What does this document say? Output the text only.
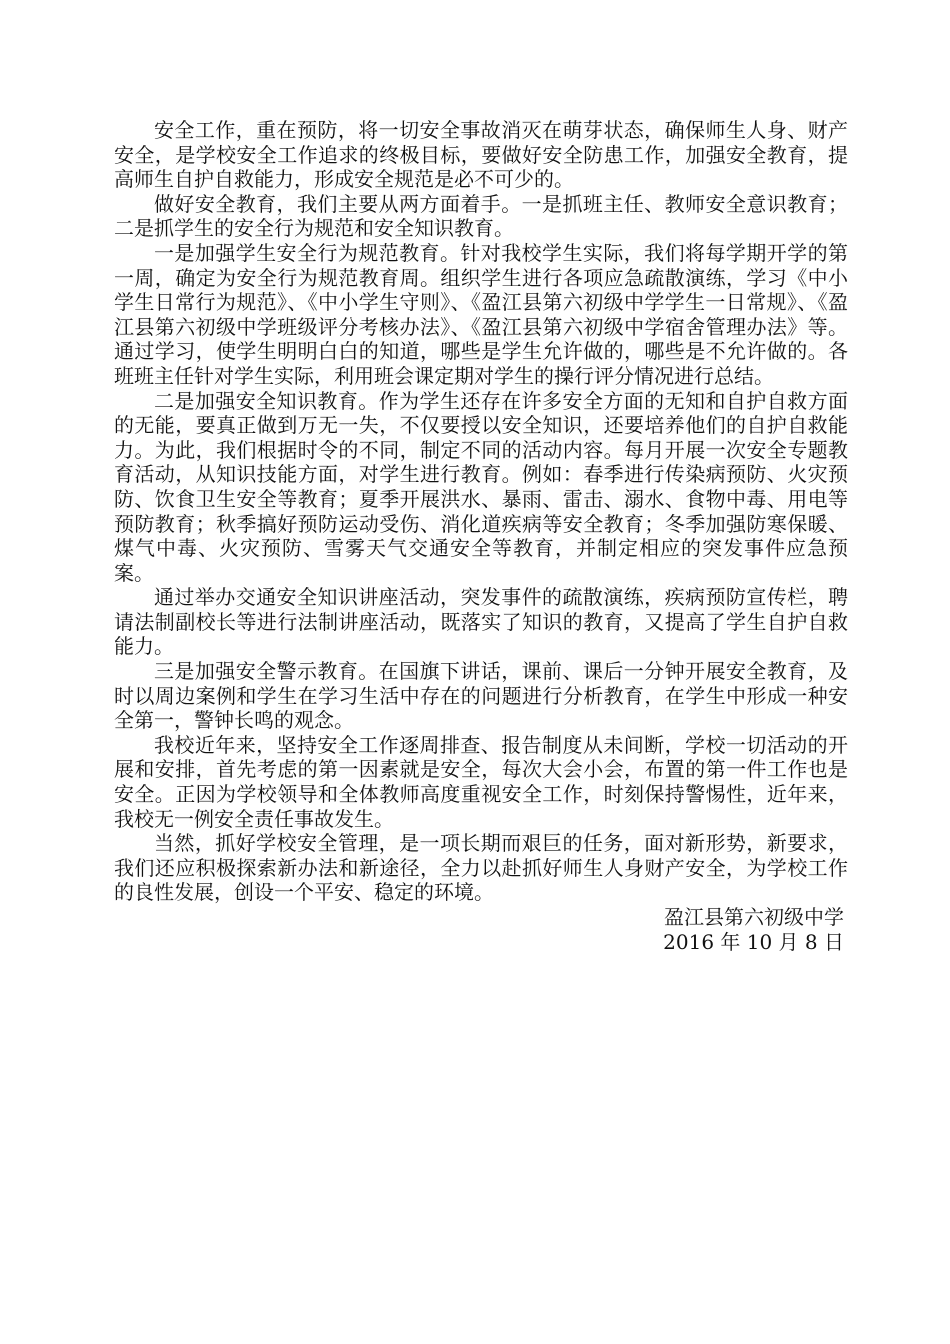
安全工作，重在预防，将一切安全事故消灭在萌芽状态，确保师生人身、财产安全，是学校安全工作追求的终极目标，要做好安全防患工作，加强安全教育，提高师生自护自救能力，形成安全规范是必不可少的。

做好安全教育，我们主要从两方面着手。一是抓班主任、教师安全意识教育；二是抓学生的安全行为规范和安全知识教育。

一是加强学生安全行为规范教育。针对我校学生实际，我们将每学期开学的第一周，确定为安全行为规范教育周。组织学生进行各项应急疏散演练，学习《中小学生日常行为规范》、《中小学生守则》、《盈江县第六初级中学学生一日常规》、《盈江县第六初级中学班级评分考核办法》、《盈江县第六初级中学宿舍管理办法》等。通过学习，使学生明明白白的知道，哪些是学生允许做的，哪些是不允许做的。各班班主任针对学生实际，利用班会课定期对学生的操行评分情况进行总结。

二是加强安全知识教育。作为学生还存在许多安全方面的无知和自护自救方面的无能，要真正做到万无一失，不仅要授以安全知识，还要培养他们的自护自救能力。为此，我们根据时令的不同，制定不同的活动内容。每月开展一次安全专题教育活动，从知识技能方面，对学生进行教育。例如：春季进行传染病预防、火灾预防、饮食卫生安全等教育；夏季开展洪水、暴雨、雷击、溺水、食物中毒、用电等预防教育；秋季搞好预防运动受伤、消化道疾病等安全教育；冬季加强防寒保暖、煤气中毒、火灾预防、雪雾天气交通安全等教育，并制定相应的突发事件应急预案。

通过举办交通安全知识讲座活动，突发事件的疏散演练，疾病预防宣传栏，聘请法制副校长等进行法制讲座活动，既落实了知识的教育，又提高了学生自护自救能力。

三是加强安全警示教育。在国旗下讲话，课前、课后一分钟开展安全教育，及时以周边案例和学生在学习生活中存在的问题进行分析教育，在学生中形成一种安全第一，警钟长鸣的观念。

我校近年来，坚持安全工作逐周排查、报告制度从未间断，学校一切活动的开展和安排，首先考虑的第一因素就是安全，每次大会小会，布置的第一件工作也是安全。正因为学校领导和全体教师高度重视安全工作，时刻保持警惕性，近年来，我校无一例安全责任事故发生。

当然，抓好学校安全管理，是一项长期而艰巨的任务，面对新形势，新要求，我们还应积极探索新办法和新途径，全力以赴抓好师生人身财产安全，为学校工作的良性发展，创设一个平安、稳定的环境。

盈江县第六初级中学

2016 年 10 月 8 日
